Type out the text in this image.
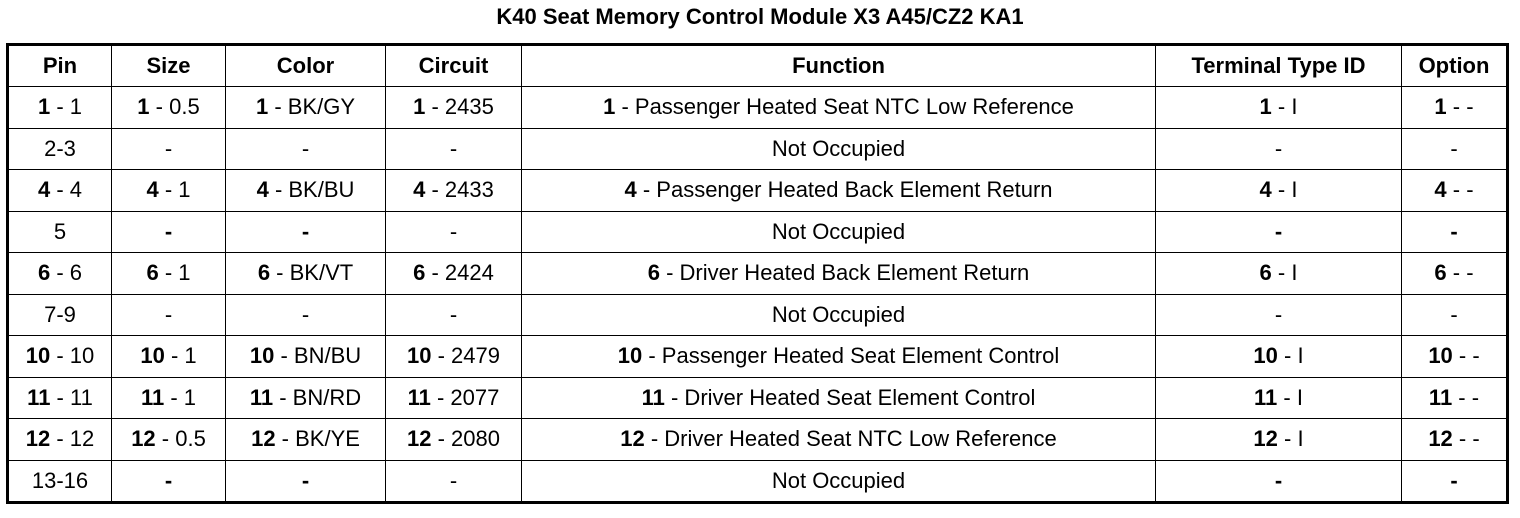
K40 Seat Memory Control Module X3 A45/CZ2 KA1
Pin	Size	Color	Circuit	Function	Terminal Type ID	Option
1 - 1	1 - 0.5	1 - BK/GY	1 - 2435	1 - Passenger Heated Seat NTC Low Reference	1 - I	1 - -
2-3	-	-	-	Not Occupied	-	-
4 - 4	4 - 1	4 - BK/BU	4 - 2433	4 - Passenger Heated Back Element Return	4 - I	4 - -
5	-	-	-	Not Occupied	-	-
6 - 6	6 - 1	6 - BK/VT	6 - 2424	6 - Driver Heated Back Element Return	6 - I	6 - -
7-9	-	-	-	Not Occupied	-	-
10 - 10	10 - 1	10 - BN/BU	10 - 2479	10 - Passenger Heated Seat Element Control	10 - I	10 - -
11 - 11	11 - 1	11 - BN/RD	11 - 2077	11 - Driver Heated Seat Element Control	11 - I	11 - -
12 - 12	12 - 0.5	12 - BK/YE	12 - 2080	12 - Driver Heated Seat NTC Low Reference	12 - I	12 - -
13-16	-	-	-	Not Occupied	-	-
